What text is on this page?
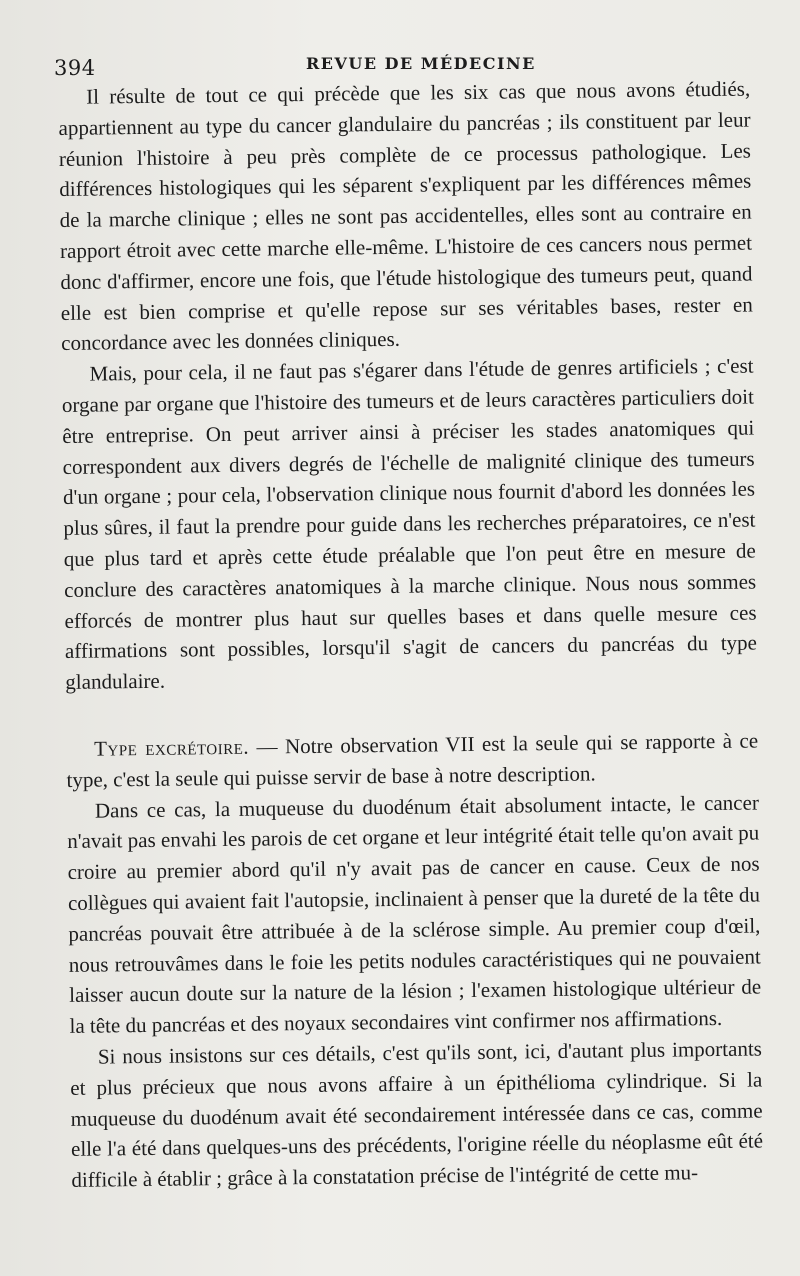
394	REVUE DE MÉDECINE

Il résulte de tout ce qui précède que les six cas que nous avons étudiés, appartiennent au type du cancer glandulaire du pancréas ; ils constituent par leur réunion l'histoire à peu près complète de ce processus pathologique. Les différences histologiques qui les séparent s'expliquent par les différences mêmes de la marche clinique ; elles ne sont pas accidentelles, elles sont au contraire en rapport étroit avec cette marche elle-même. L'histoire de ces cancers nous permet donc d'affirmer, encore une fois, que l'étude histologique des tumeurs peut, quand elle est bien comprise et qu'elle repose sur ses véritables bases, rester en concordance avec les données cliniques.

Mais, pour cela, il ne faut pas s'égarer dans l'étude de genres artificiels ; c'est organe par organe que l'histoire des tumeurs et de leurs caractères particuliers doit être entreprise. On peut arriver ainsi à préciser les stades anatomiques qui correspondent aux divers degrés de l'échelle de malignité clinique des tumeurs d'un organe ; pour cela, l'observation clinique nous fournit d'abord les données les plus sûres, il faut la prendre pour guide dans les recherches préparatoires, ce n'est que plus tard et après cette étude préalable que l'on peut être en mesure de conclure des caractères anatomiques à la marche clinique. Nous nous sommes efforcés de montrer plus haut sur quelles bases et dans quelle mesure ces affirmations sont possibles, lorsqu'il s'agit de cancers du pancréas du type glandulaire.

Type excrétoire. — Notre observation VII est la seule qui se rapporte à ce type, c'est la seule qui puisse servir de base à notre description.

Dans ce cas, la muqueuse du duodénum était absolument intacte, le cancer n'avait pas envahi les parois de cet organe et leur intégrité était telle qu'on avait pu croire au premier abord qu'il n'y avait pas de cancer en cause. Ceux de nos collègues qui avaient fait l'autopsie, inclinaient à penser que la dureté de la tête du pancréas pouvait être attribuée à de la sclérose simple. Au premier coup d'œil, nous retrouvâmes dans le foie les petits nodules caractéristiques qui ne pouvaient laisser aucun doute sur la nature de la lésion ; l'examen histologique ultérieur de la tête du pancréas et des noyaux secondaires vint confirmer nos affirmations.

Si nous insistons sur ces détails, c'est qu'ils sont, ici, d'autant plus importants et plus précieux que nous avons affaire à un épithélioma cylindrique. Si la muqueuse du duodénum avait été secondairement intéressée dans ce cas, comme elle l'a été dans quelques-uns des précédents, l'origine réelle du néoplasme eût été difficile à établir ; grâce à la constatation précise de l'intégrité de cette mu-
